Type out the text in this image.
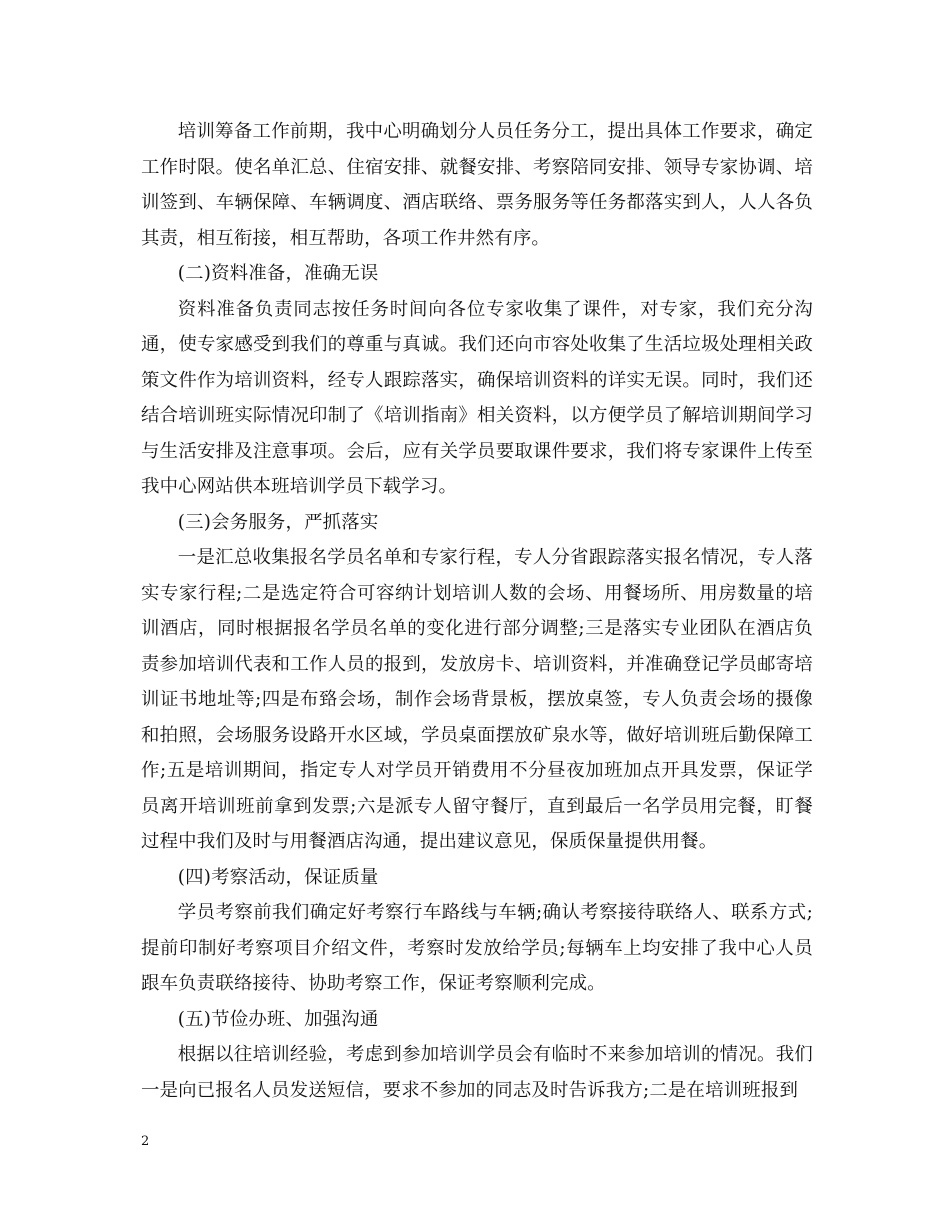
培训筹备工作前期，我中心明确划分人员任务分工，提出具体工作要求，确定工作时限。使名单汇总、住宿安排、就餐安排、考察陪同安排、领导专家协调、培训签到、车辆保障、车辆调度、酒店联络、票务服务等任务都落实到人，人人各负其责，相互衔接，相互帮助，各项工作井然有序。

(二)资料准备，准确无误

资料准备负责同志按任务时间向各位专家收集了课件，对专家，我们充分沟通，使专家感受到我们的尊重与真诚。我们还向市容处收集了生活垃圾处理相关政策文件作为培训资料，经专人跟踪落实，确保培训资料的详实无误。同时，我们还结合培训班实际情况印制了《培训指南》相关资料，以方便学员了解培训期间学习与生活安排及注意事项。会后，应有关学员要取课件要求，我们将专家课件上传至我中心网站供本班培训学员下载学习。

(三)会务服务，严抓落实

一是汇总收集报名学员名单和专家行程，专人分省跟踪落实报名情况，专人落实专家行程;二是选定符合可容纳计划培训人数的会场、用餐场所、用房数量的培训酒店，同时根据报名学员名单的变化进行部分调整;三是落实专业团队在酒店负责参加培训代表和工作人员的报到，发放房卡、培训资料，并准确登记学员邮寄培训证书地址等;四是布臵会场，制作会场背景板，摆放桌签，专人负责会场的摄像和拍照，会场服务设路开水区域，学员桌面摆放矿泉水等，做好培训班后勤保障工作;五是培训期间，指定专人对学员开销费用不分昼夜加班加点开具发票，保证学员离开培训班前拿到发票;六是派专人留守餐厅，直到最后一名学员用完餐，盯餐过程中我们及时与用餐酒店沟通，提出建议意见，保质保量提供用餐。

(四)考察活动，保证质量

学员考察前我们确定好考察行车路线与车辆;确认考察接待联络人、联系方式;提前印制好考察项目介绍文件，考察时发放给学员;每辆车上均安排了我中心人员跟车负责联络接待、协助考察工作，保证考察顺利完成。

(五)节俭办班、加强沟通

根据以往培训经验，考虑到参加培训学员会有临时不来参加培训的情况。我们一是向已报名人员发送短信，要求不参加的同志及时告诉我方;二是在培训班报到

2
